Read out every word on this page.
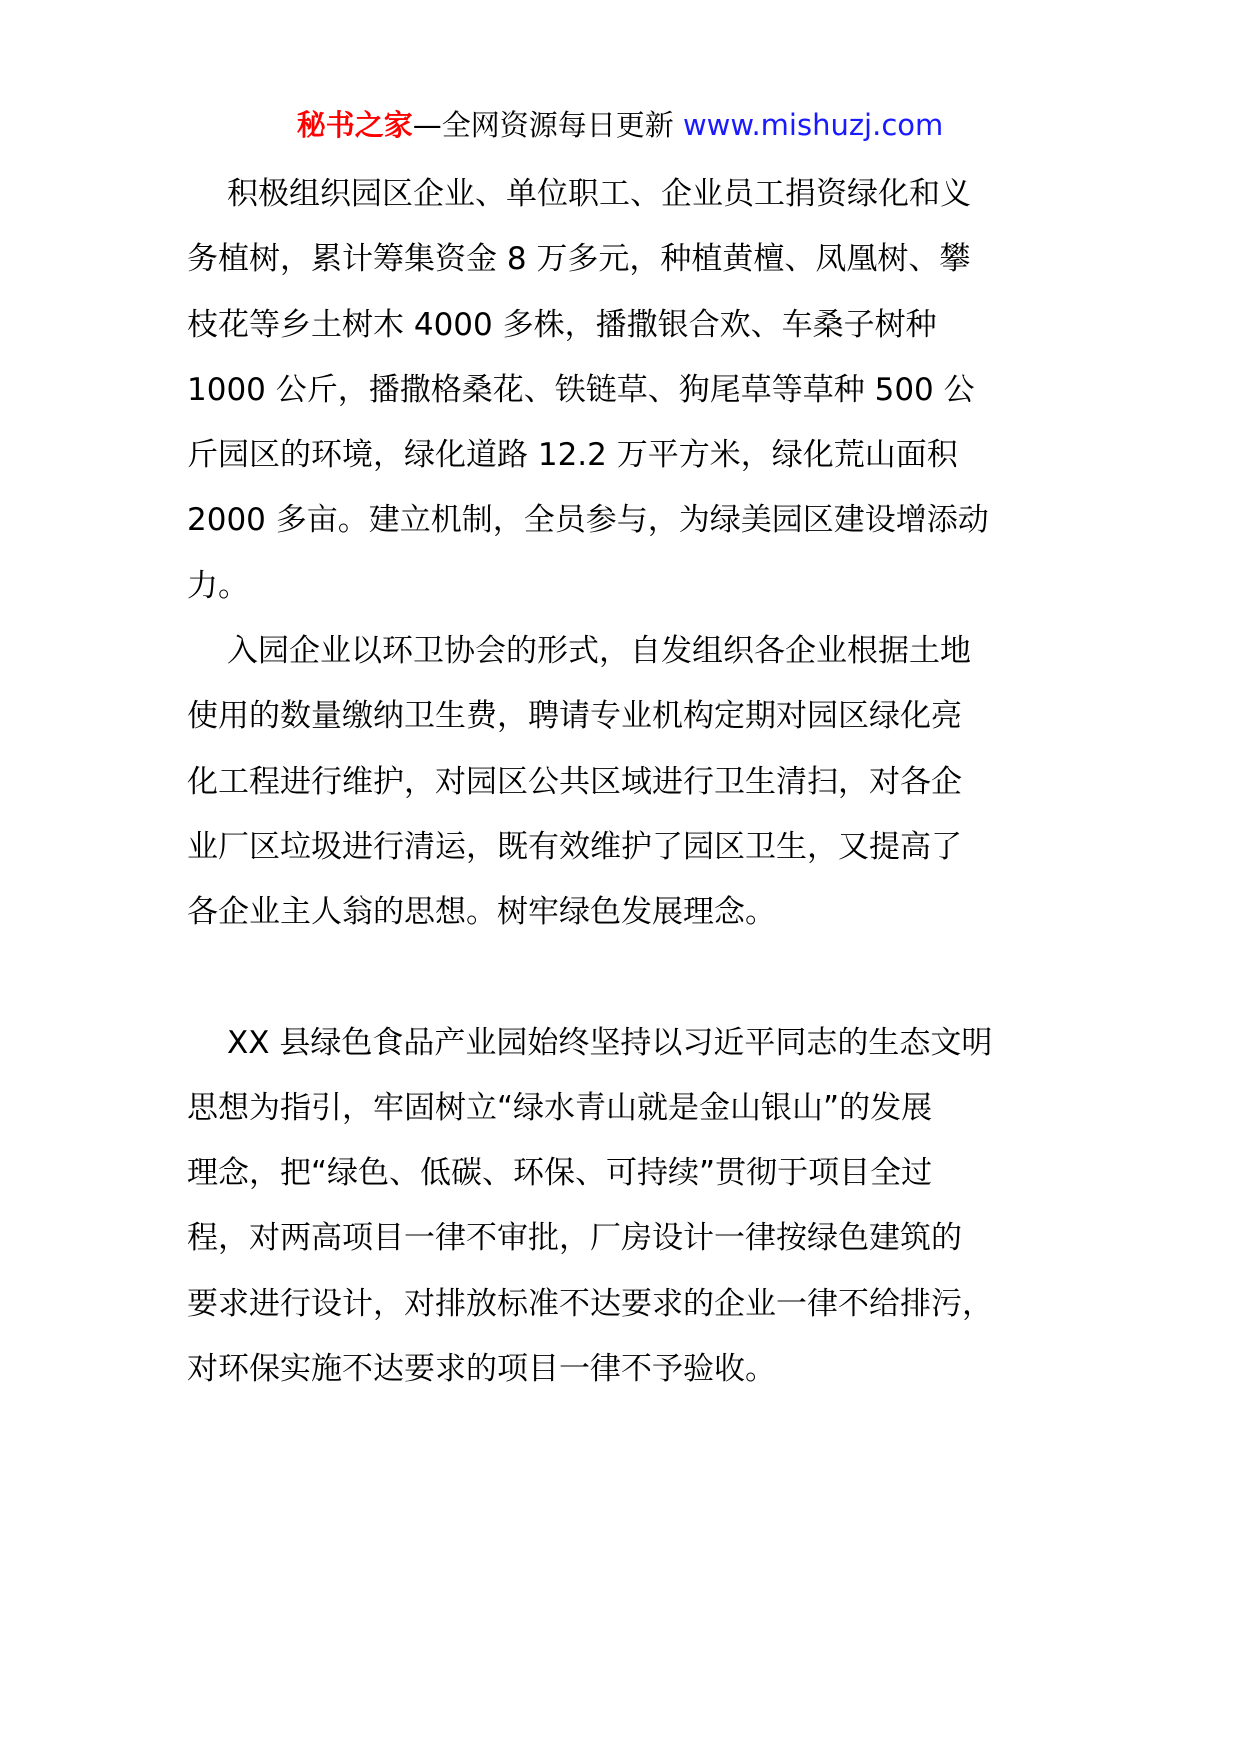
秘书之家—全网资源每日更新 www.mishuzj.com
积极组织园区企业、单位职工、企业员工捐资绿化和义
务植树，累计筹集资金 8 万多元，种植黄檀、凤凰树、攀
枝花等乡土树木 4000 多株，播撒银合欢、车桑子树种
1000 公斤，播撒格桑花、铁链草、狗尾草等草种 500 公
斤园区的环境，绿化道路 12.2 万平方米，绿化荒山面积
2000 多亩。建立机制，全员参与，为绿美园区建设增添动
力。
入园企业以环卫协会的形式，自发组织各企业根据土地
使用的数量缴纳卫生费，聘请专业机构定期对园区绿化亮
化工程进行维护，对园区公共区域进行卫生清扫，对各企
业厂区垃圾进行清运，既有效维护了园区卫生，又提高了
各企业主人翁的思想。树牢绿色发展理念。
XX 县绿色食品产业园始终坚持以习近平同志的生态文明
思想为指引，牢固树立“绿水青山就是金山银山”的发展
理念，把“绿色、低碳、环保、可持续”贯彻于项目全过
程，对两高项目一律不审批，厂房设计一律按绿色建筑的
要求进行设计，对排放标准不达要求的企业一律不给排污，
对环保实施不达要求的项目一律不予验收。
